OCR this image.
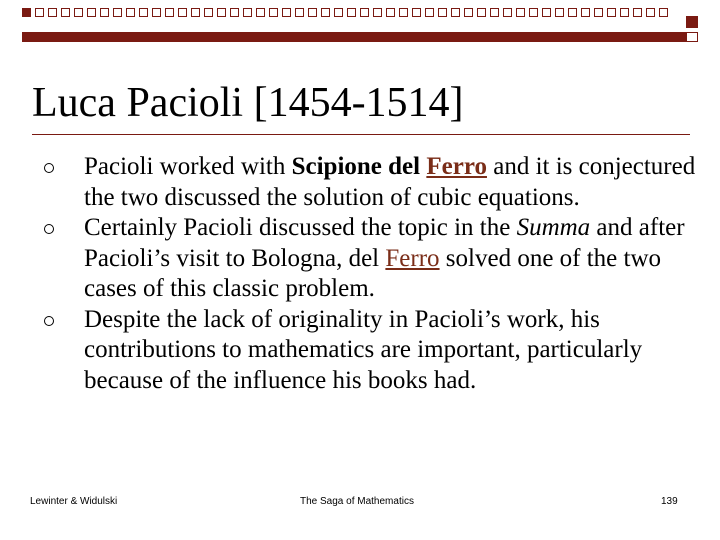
Luca Pacioli [1454-1514]
Pacioli worked with Scipione del Ferro and it is conjectured the two discussed the solution of cubic equations.
Certainly Pacioli discussed the topic in the Summa and after Pacioli’s visit to Bologna, del Ferro solved one of the two cases of this classic problem.
Despite the lack of originality in Pacioli’s work, his contributions to mathematics are important, particularly because of the influence his books had.
Lewinter & Widulski	The Saga of Mathematics	139
